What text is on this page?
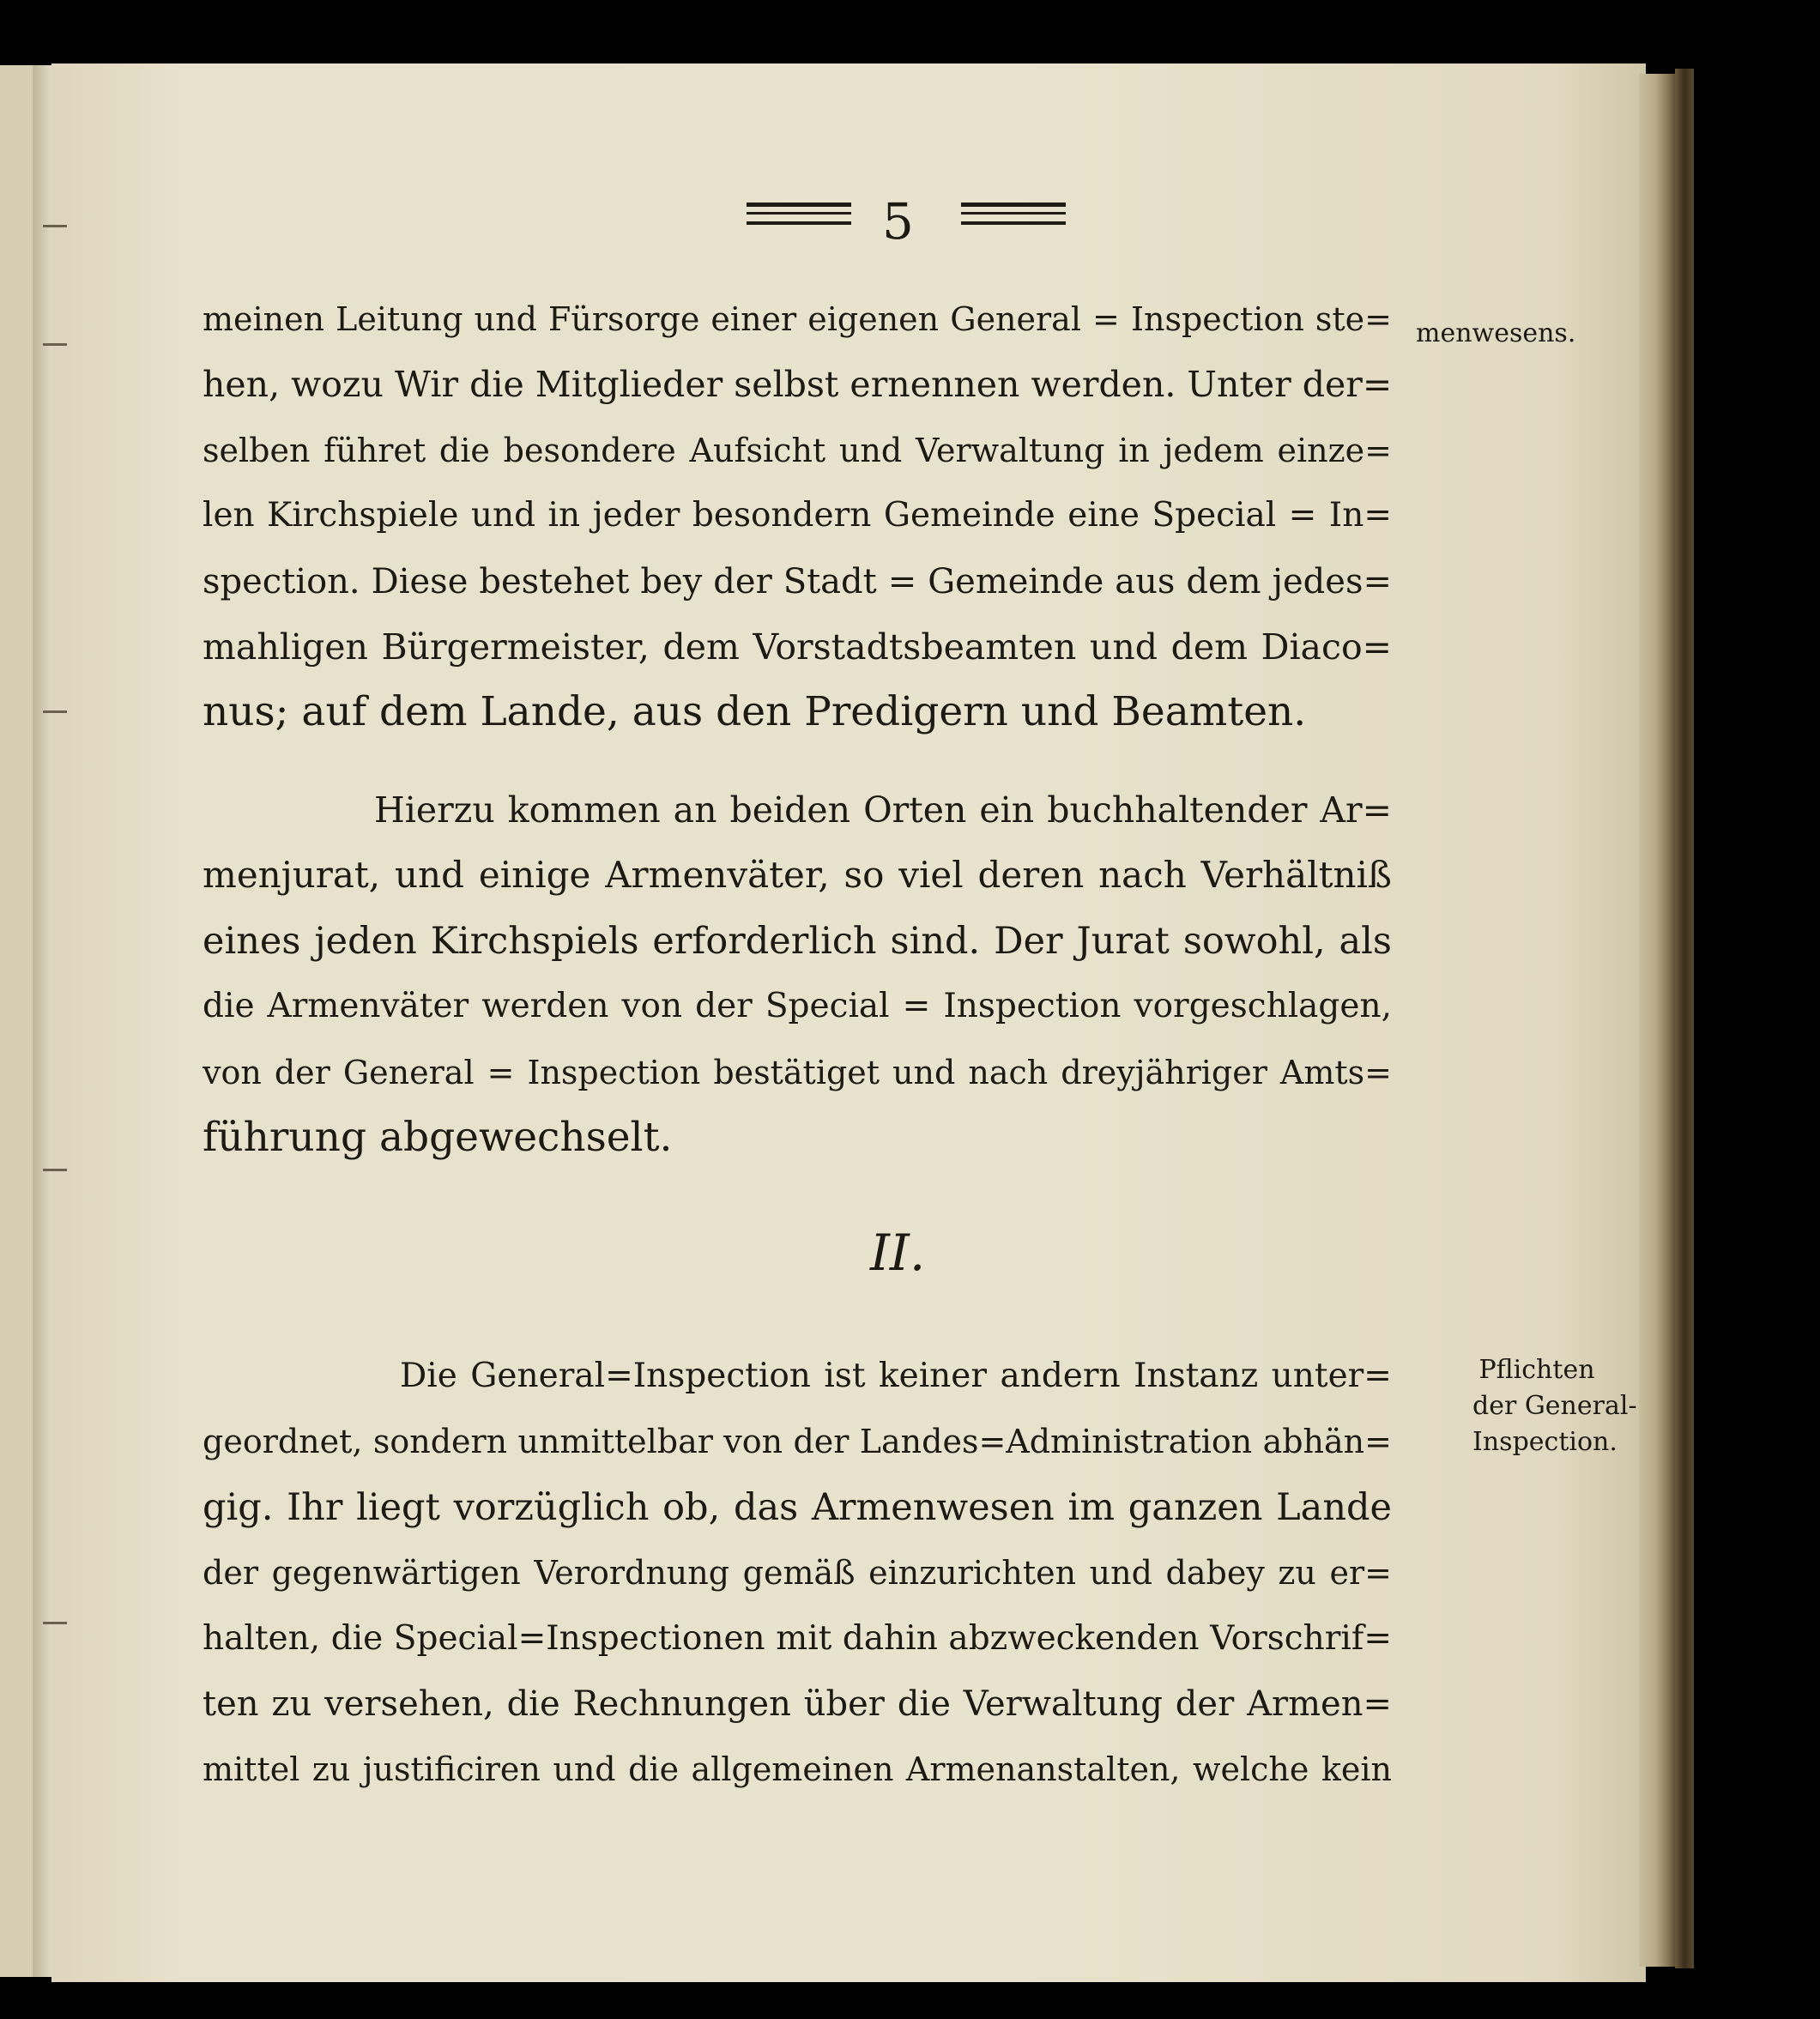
5
menwesens.
meinen Leitung und Fürsorge einer eigenen General = Inspection ste=
hen, wozu Wir die Mitglieder selbst ernennen werden. Unter der=
selben führet die besondere Aufsicht und Verwaltung in jedem einze=
len Kirchspiele und in jeder besondern Gemeinde eine Special = In=
spection. Diese bestehet bey der Stadt = Gemeinde aus dem jedes=
mahligen Bürgermeister, dem Vorstadtsbeamten und dem Diaco=
nus; auf dem Lande, aus den Predigern und Beamten.
Hierzu kommen an beiden Orten ein buchhaltender Ar=
menjurat, und einige Armenväter, so viel deren nach Verhältniß
eines jeden Kirchspiels erforderlich sind. Der Jurat sowohl, als
die Armenväter werden von der Special = Inspection vorgeschlagen,
von der General = Inspection bestätiget und nach dreyjähriger Amts=
führung abgewechselt.
II.
Pflichten
der General-
Inspection.
Die General=Inspection ist keiner andern Instanz unter=
geordnet, sondern unmittelbar von der Landes=Administration abhän=
gig. Ihr liegt vorzüglich ob, das Armenwesen im ganzen Lande
der gegenwärtigen Verordnung gemäß einzurichten und dabey zu er=
halten, die Special=Inspectionen mit dahin abzweckenden Vorschrif=
ten zu versehen, die Rechnungen über die Verwaltung der Armen=
mittel zu justificiren und die allgemeinen Armenanstalten, welche kein
